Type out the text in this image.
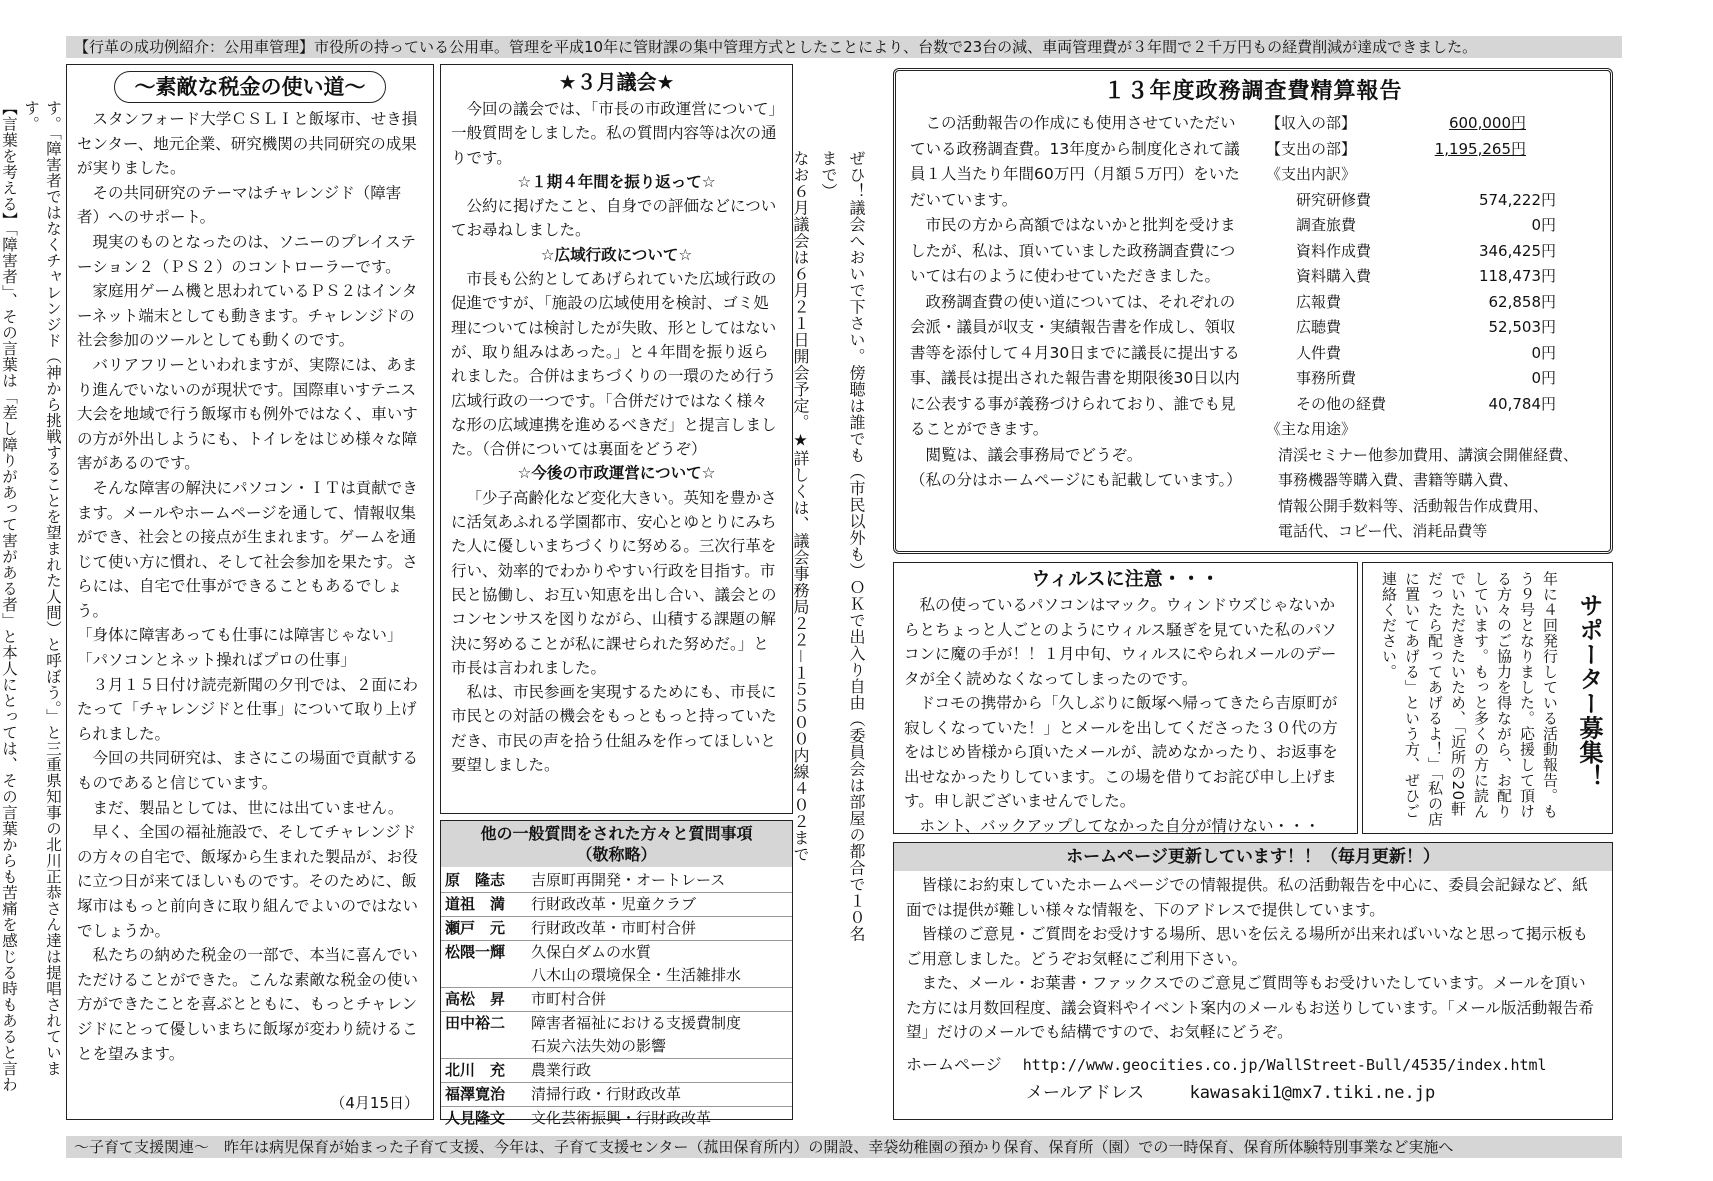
【行革の成功例紹介：公用車管理】市役所の持っている公用車。管理を平成10年に管財課の集中管理方式としたことにより、台数で23台の減、車両管理費が３年間で２千万円もの経費削減が達成できました。

す。「障害者ではなくチャレンジド（神から挑戦することを望まれた人間）と呼ぼう。」と三重県知事の北川正恭さん達は提唱されています。

【言葉を考える】「障害者」、その言葉は「差し障りがあって害がある者」と本人にとっては、その言葉からも苦痛を感じる時もあると言わ

～素敵な税金の使い道～

スタンフォード大学ＣＳＬＩと飯塚市、せき損センター、地元企業、研究機関の共同研究の成果が実りました。

その共同研究のテーマはチャレンジド（障害者）へのサポート。

現実のものとなったのは、ソニーのプレイステーション２（ＰＳ２）のコントローラーです。

家庭用ゲーム機と思われているＰＳ２はインターネット端末としても動きます。チャレンジドの社会参加のツールとしても動くのです。

バリアフリーといわれますが、実際には、あまり進んでいないのが現状です。国際車いすテニス大会を地域で行う飯塚市も例外ではなく、車いすの方が外出しようにも、トイレをはじめ様々な障害があるのです。

そんな障害の解決にパソコン・ＩＴは貢献できます。メールやホームページを通して、情報収集ができ、社会との接点が生まれます。ゲームを通じて使い方に慣れ、そして社会参加を果たす。さらには、自宅で仕事ができることもあるでしょう。

「身体に障害あっても仕事には障害じゃない」

「パソコンとネット操ればプロの仕事」

３月１５日付け読売新聞の夕刊では、２面にわたって「チャレンジドと仕事」について取り上げられました。

今回の共同研究は、まさにこの場面で貢献するものであると信じています。

まだ、製品としては、世には出ていません。

早く、全国の福祉施設で、そしてチャレンジドの方々の自宅で、飯塚から生まれた製品が、お役に立つ日が来てほしいものです。そのために、飯塚市はもっと前向きに取り組んでよいのではないでしょうか。

私たちの納めた税金の一部で、本当に喜んでいただけることができた。こんな素敵な税金の使い方ができたことを喜ぶとともに、もっとチャレンジドにとって優しいまちに飯塚が変わり続けることを望みます。

（4月15日）
★３月議会★

今回の議会では、「市長の市政運営について」一般質問をしました。私の質問内容等は次の通りです。

☆１期４年間を振り返って☆

公約に掲げたこと、自身での評価などについてお尋ねしました。

☆広域行政について☆

市長も公約としてあげられていた広域行政の促進ですが、「施設の広域使用を検討、ゴミ処理については検討したが失敗、形としてはないが、取り組みはあった。」と４年間を振り返られました。合併はまちづくりの一環のため行う広域行政の一つです。「合併だけではなく様々な形の広域連携を進めるべきだ」と提言しました。（合併については裏面をどうぞ）

☆今後の市政運営について☆

「少子高齢化など変化大きい。英知を豊かさに活気あふれる学園都市、安心とゆとりにみちた人に優しいまちづくりに努める。三次行革を行い、効率的でわかりやすい行政を目指す。市民と協働し、お互い知恵を出し合い、議会とのコンセンサスを図りながら、山積する課題の解決に努めることが私に課せられた努めだ。」と市長は言われました。

私は、市民参画を実現するためにも、市長に市民との対話の機会をもっともっと持っていただき、市民の声を拾う仕組みを作ってほしいと要望しました。

他の一般質問をされた方々と質問事項
（敬称略）
原　隆志	吉原町再開発・オートレース
道祖　満	行財政改革・児童クラブ
瀬戸　元	行財政改革・市町村合併
松隈一輝	久保白ダムの水質
	八木山の環境保全・生活雑排水
高松　昇	市町村合併
田中裕二	障害者福祉における支援費制度
	石炭六法失効の影響
北川　充	農業行政
福澤寛治	清掃行政・行財政改革
人見隆文	文化芸術振興・行財政改革

ぜひ！議会へおいで下さい。傍聴は誰でも（市民以外も）ＯＫで出入り自由（委員会は部屋の都合で１０名まで）

なお６月議会は６月２１日開会予定。★詳しくは、議会事務局２２－１５５００内線４０２まで

１３年度政務調査費精算報告

この活動報告の作成にも使用させていただいている政務調査費。13年度から制度化されて議員１人当たり年間60万円（月額５万円）をいただいています。

市民の方から高額ではないかと批判を受けましたが、私は、頂いていました政務調査費については右のように使わせていただきました。

政務調査費の使い道については、それぞれの会派・議員が収支・実績報告書を作成し、領収書等を添付して４月30日までに議長に提出する事、議長は提出された報告書を期限後30日以内に公表する事が義務づけられており、誰でも見ることができます。

閲覧は、議会事務局でどうぞ。

（私の分はホームページにも記載しています。）

【収入の部】	600,000円
【支出の部】	1,195,265円
《支出内訳》
研究研修費	574,222円
調査旅費	0円
資料作成費	346,425円
資料購入費	118,473円
広報費	62,858円
広聴費	52,503円
人件費	0円
事務所費	0円
その他の経費	40,784円
《主な用途》
清渓セミナー他参加費用、講演会開催経費、
事務機器等購入費、書籍等購入費、
情報公開手数料等、活動報告作成費用、
電話代、コピー代、消耗品費等
ウィルスに注意・・・

私の使っているパソコンはマック。ウィンドウズじゃないからとちょっと人ごとのようにウィルス騒ぎを見ていた私のパソコンに魔の手が！！１月中旬、ウィルスにやられメールのデータが全く読めなくなってしまったのです。

ドコモの携帯から「久しぶりに飯塚へ帰ってきたら吉原町が寂しくなっていた！」とメールを出してくださった３０代の方をはじめ皆様から頂いたメールが、読めなかったり、お返事を出せなかったりしています。この場を借りてお詫び申し上げます。申し訳ございませんでした。

ホント、バックアップしてなかった自分が情けない・・・

サポーター募集！
年に４回発行している活動報告。もう９号となりました。応援して頂ける方々のご協力を得ながら、お配りしています。もっと多くの方に読んでいただきたいため、「近所の20軒だったら配ってあげるよ！」「私の店に置いてあげる」という方、ぜひご連絡ください。
ホームページ更新しています！！（毎月更新！）

皆様にお約束していたホームページでの情報提供。私の活動報告を中心に、委員会記録など、紙面では提供が難しい様々な情報を、下のアドレスで提供しています。

皆様のご意見・ご質問をお受けする場所、思いを伝える場所が出来ればいいなと思って掲示板もご用意しました。どうぞお気軽にご利用下さい。

また、メール・お葉書・ファックスでのご意見ご質問等もお受けいたしています。メールを頂いた方には月数回程度、議会資料やイベント案内のメールもお送りしています。「メール版活動報告希望」だけのメールでも結構ですので、お気軽にどうぞ。

ホームページ http://www.geocities.co.jp/WallStreet-Bull/4535/index.html
メールアドレス	kawasaki1@mx7.tiki.ne.jp
～子育て支援関連～　昨年は病児保育が始まった子育て支援、今年は、子育て支援センター（菰田保育所内）の開設、幸袋幼稚園の預かり保育、保育所（園）での一時保育、保育所体験特別事業など実施へ
